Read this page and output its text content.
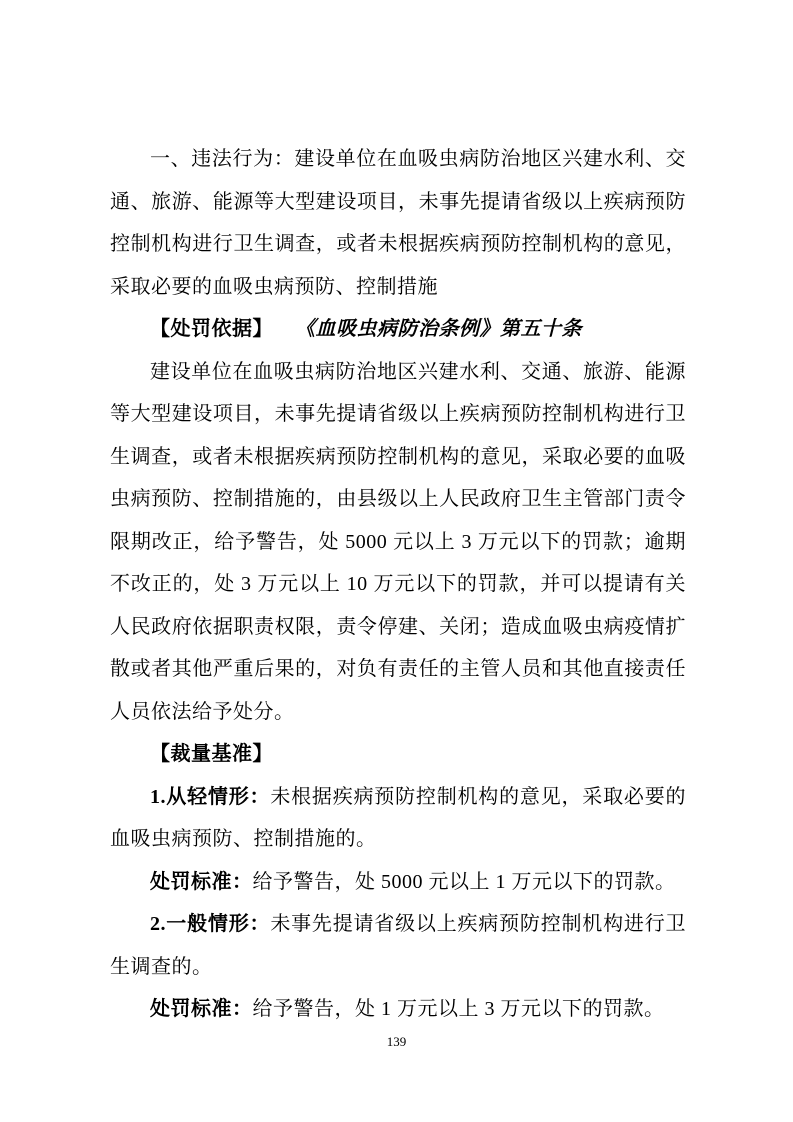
一、违法行为：建设单位在血吸虫病防治地区兴建水利、交通、旅游、能源等大型建设项目，未事先提请省级以上疾病预防控制机构进行卫生调查，或者未根据疾病预防控制机构的意见，采取必要的血吸虫病预防、控制措施

【处罚依据】 《血吸虫病防治条例》第五十条

建设单位在血吸虫病防治地区兴建水利、交通、旅游、能源等大型建设项目，未事先提请省级以上疾病预防控制机构进行卫生调查，或者未根据疾病预防控制机构的意见，采取必要的血吸虫病预防、控制措施的，由县级以上人民政府卫生主管部门责令限期改正，给予警告，处 5000 元以上 3 万元以下的罚款；逾期不改正的，处 3 万元以上 10 万元以下的罚款，并可以提请有关人民政府依据职责权限，责令停建、关闭；造成血吸虫病疫情扩散或者其他严重后果的，对负有责任的主管人员和其他直接责任人员依法给予处分。

【裁量基准】

1.从轻情形：未根据疾病预防控制机构的意见，采取必要的血吸虫病预防、控制措施的。

处罚标准：给予警告，处 5000 元以上 1 万元以下的罚款。

2.一般情形：未事先提请省级以上疾病预防控制机构进行卫生调查的。

处罚标准：给予警告，处 1 万元以上 3 万元以下的罚款。

139
